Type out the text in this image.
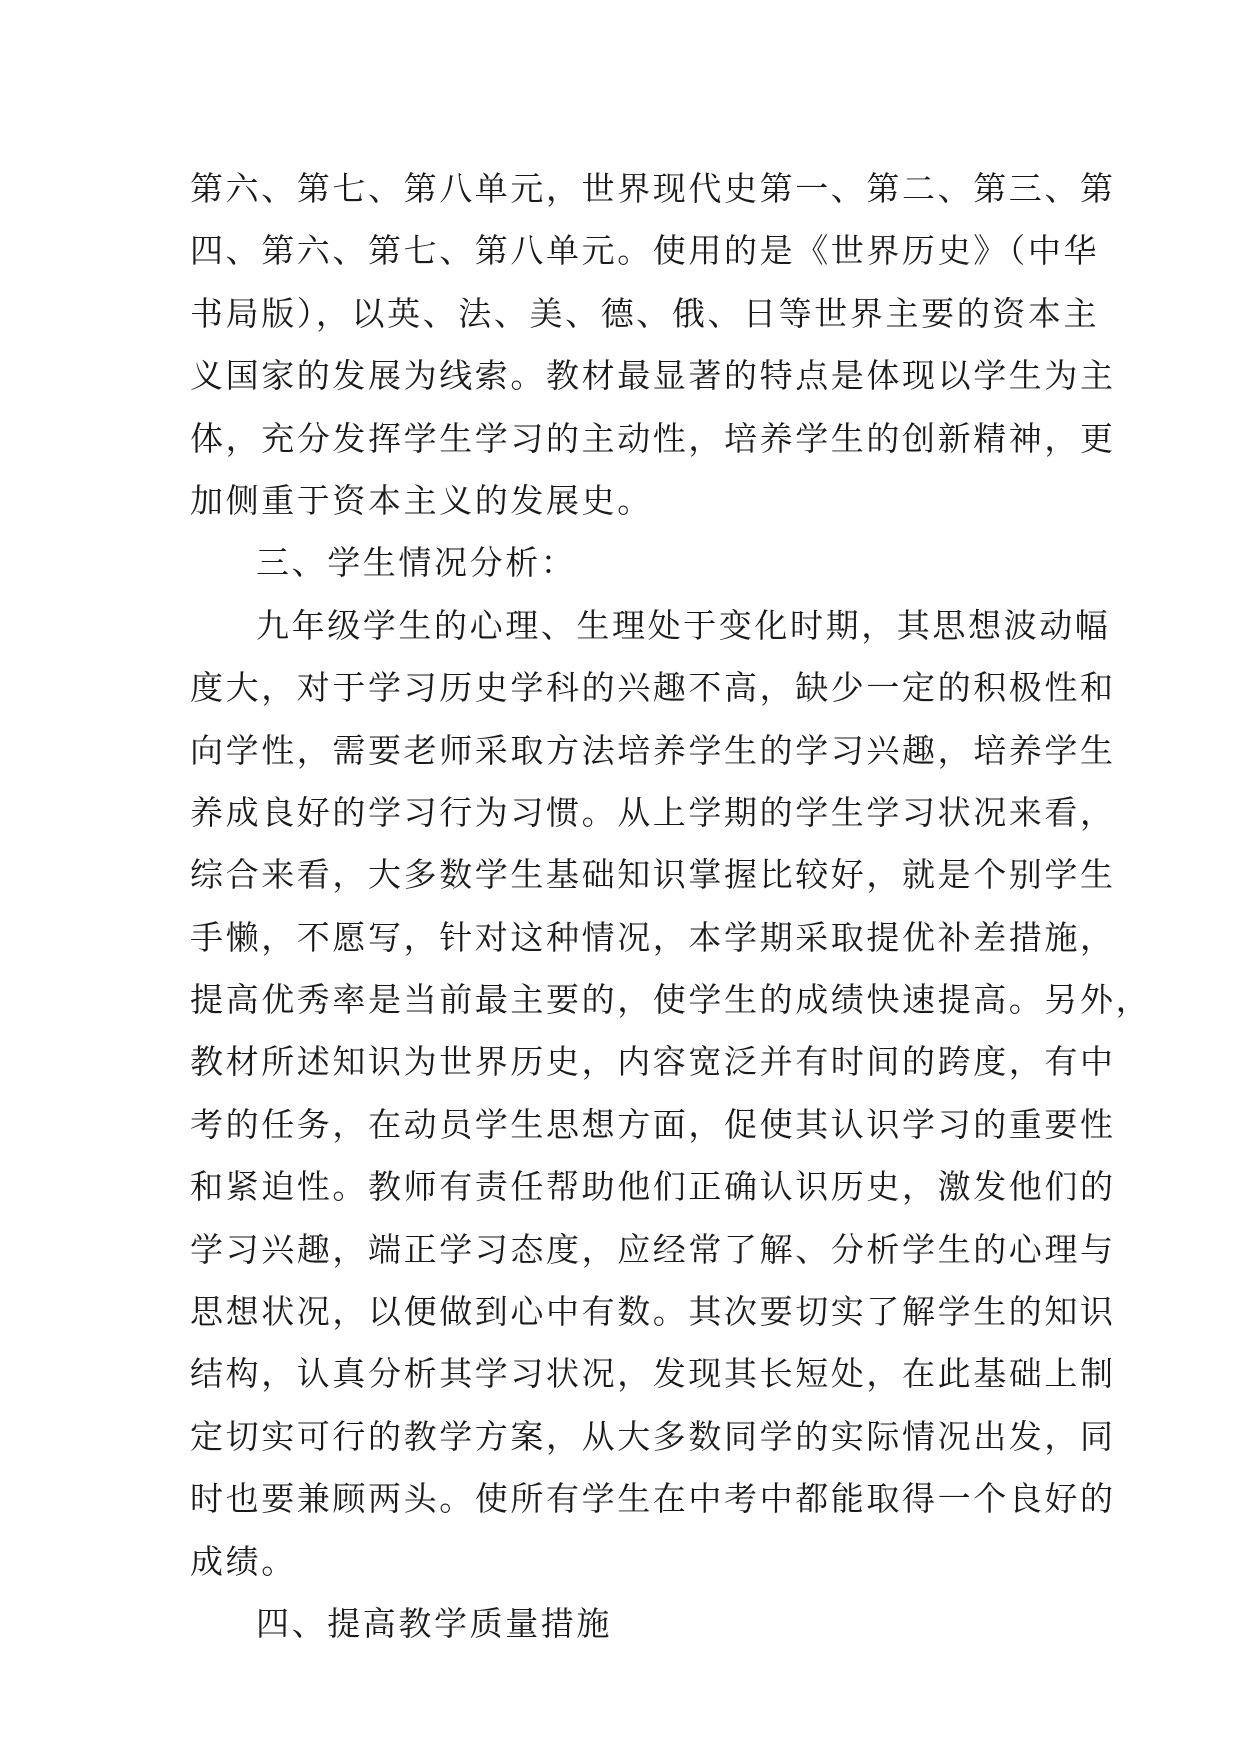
第六、第七、第八单元，世界现代史第一、第二、第三、第
四、第六、第七、第八单元。使用的是《世界历史》（中华
书局版），以英、法、美、德、俄、日等世界主要的资本主
义国家的发展为线索。教材最显著的特点是体现以学生为主
体，充分发挥学生学习的主动性，培养学生的创新精神，更
加侧重于资本主义的发展史。
三、学生情况分析：
九年级学生的心理、生理处于变化时期，其思想波动幅
度大，对于学习历史学科的兴趣不高，缺少一定的积极性和
向学性，需要老师采取方法培养学生的学习兴趣，培养学生
养成良好的学习行为习惯。从上学期的学生学习状况来看，
综合来看，大多数学生基础知识掌握比较好，就是个别学生
手懒，不愿写，针对这种情况，本学期采取提优补差措施，
提高优秀率是当前最主要的，使学生的成绩快速提高。另外，
教材所述知识为世界历史，内容宽泛并有时间的跨度，有中
考的任务，在动员学生思想方面，促使其认识学习的重要性
和紧迫性。教师有责任帮助他们正确认识历史，激发他们的
学习兴趣，端正学习态度，应经常了解、分析学生的心理与
思想状况，以便做到心中有数。其次要切实了解学生的知识
结构，认真分析其学习状况，发现其长短处，在此基础上制
定切实可行的教学方案，从大多数同学的实际情况出发，同
时也要兼顾两头。使所有学生在中考中都能取得一个良好的
成绩。
四、提高教学质量措施
